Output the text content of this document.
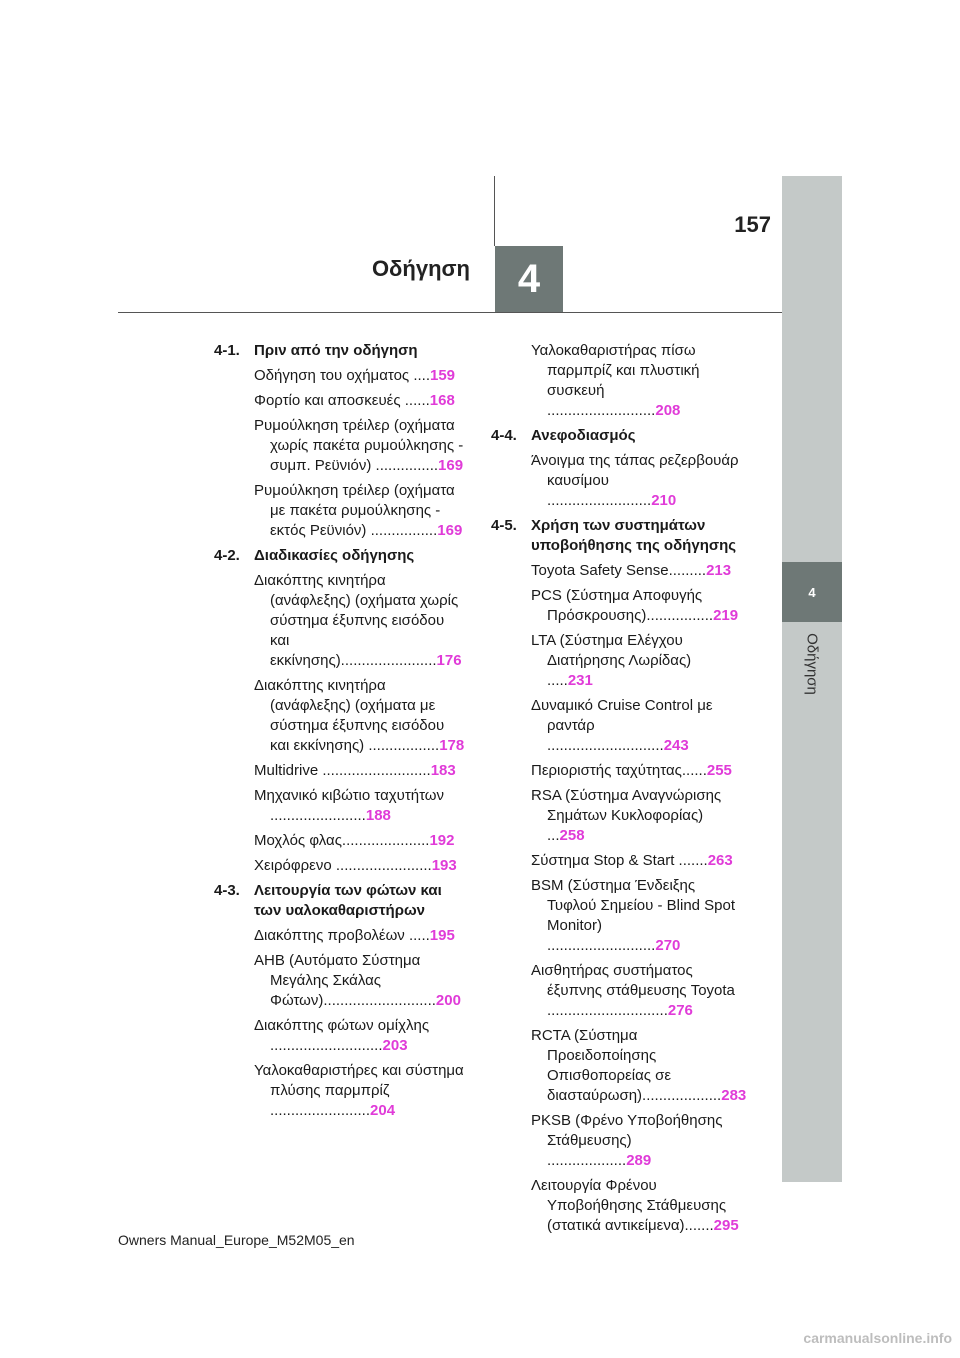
157
Οδήγηση	4
4
Οδήγηση
4-1. Πριν από την οδήγηση
Οδήγηση του οχήματος ....159
Φορτίο και αποσκευές ......168
Ρυμούλκηση τρέιλερ (οχήματα χωρίς πακέτα ρυμούλκησης - συμπ. Ρεϋνιόν) ...............169
Ρυμούλκηση τρέιλερ (οχήματα με πακέτα ρυμούλκησης - εκτός Ρεϋνιόν) ................169
4-2. Διαδικασίες οδήγησης
Διακόπτης κινητήρα (ανάφλεξης) (οχήματα χωρίς σύστημα έξυπνης εισόδου και εκκίνησης).......................176
Διακόπτης κινητήρα (ανάφλεξης) (οχήματα με σύστημα έξυπνης εισόδου και εκκίνησης) .................178
Multidrive ..........................183
Μηχανικό κιβώτιο ταχυτήτων .......................188
Μοχλός φλας.....................192
Χειρόφρενο .......................193
4-3. Λειτουργία των φώτων και των υαλοκαθαριστήρων
Διακόπτης προβολέων .....195
AHB (Αυτόματο Σύστημα Μεγάλης Σκάλας Φώτων)...........................200
Διακόπτης φώτων ομίχλης ...........................203
Υαλοκαθαριστήρες και σύστημα πλύσης παρμπρίζ ........................204
Υαλοκαθαριστήρας πίσω παρμπρίζ και πλυστική συσκευή ..........................208
4-4. Ανεφοδιασμός
Άνοιγμα της τάπας ρεζερβουάρ καυσίμου .........................210
4-5. Χρήση των συστημάτων υποβοήθησης της οδήγησης
Toyota Safety Sense.........213
PCS (Σύστημα Αποφυγής Πρόσκρουσης)................219
LTA (Σύστημα Ελέγχου Διατήρησης Λωρίδας) .....231
Δυναμικό Cruise Control με ραντάρ ............................243
Περιοριστής ταχύτητας......255
RSA (Σύστημα Αναγνώρισης Σημάτων Κυκλοφορίας) ...258
Σύστημα Stop & Start .......263
BSM (Σύστημα Ένδειξης Τυφλού Σημείου - Blind Spot Monitor) ..........................270
Αισθητήρας συστήματος έξυπνης στάθμευσης Toyota .............................276
RCTA (Σύστημα Προειδοποίησης Οπισθοπορείας σε διασταύρωση)...................283
PKSB (Φρένο Υποβοήθησης Στάθμευσης) ...................289
Λειτουργία Φρένου Υποβοήθησης Στάθμευσης (στατικά αντικείμενα).......295
Owners Manual_Europe_M52M05_en
carmanualsonline.info
